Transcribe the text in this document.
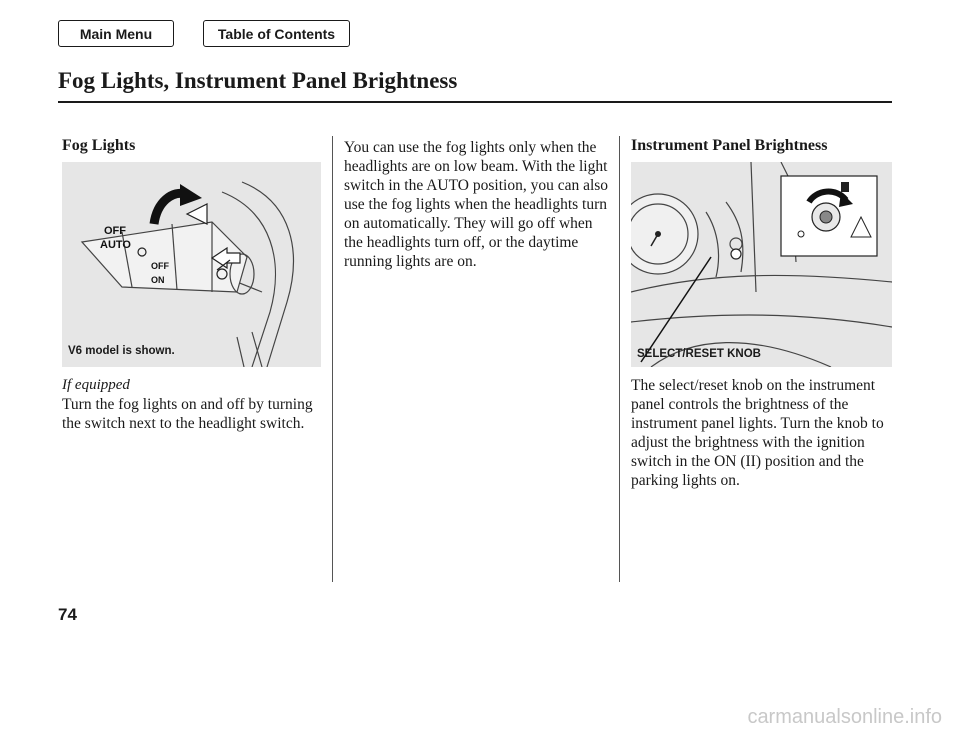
Main Menu	Table of Contents
Fog Lights, Instrument Panel Brightness
Fog Lights
OFF
AUTO
OFF
ON
V6 model is shown.
If equipped

Turn the fog lights on and off by turning the switch next to the headlight switch.

You can use the fog lights only when the headlights are on low beam. With the light switch in the AUTO position, you can also use the fog lights when the headlights turn on automatically. They will go off when the headlights turn off, or the daytime running lights are on.

Instrument Panel Brightness
SELECT/RESET KNOB

The select/reset knob on the instrument panel controls the brightness of the instrument panel lights. Turn the knob to adjust the brightness with the ignition switch in the ON (II) position and the parking lights on.

74
carmanualsonline.info
